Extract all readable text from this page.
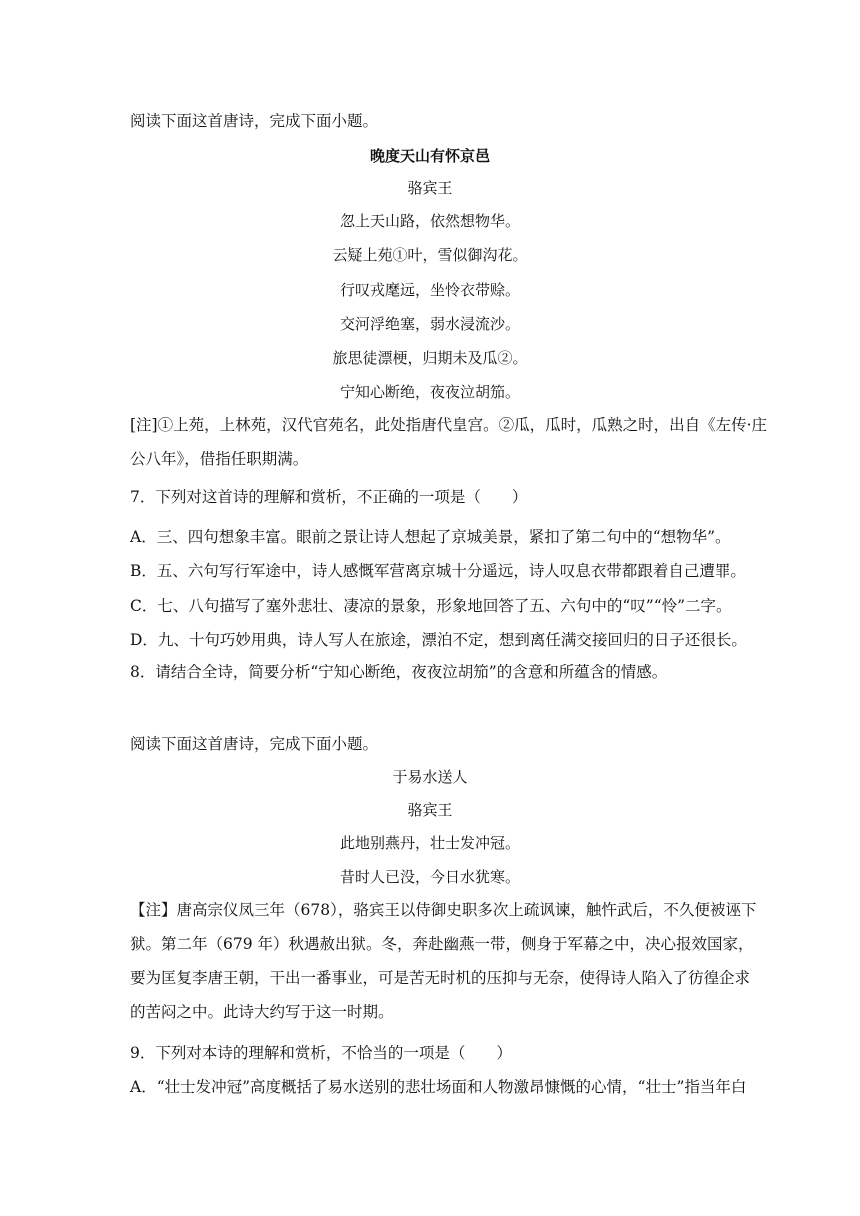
阅读下面这首唐诗，完成下面小题。
晚度天山有怀京邑
骆宾王
忽上天山路，依然想物华。
云疑上苑①叶，雪似御沟花。
行叹戎麾远，坐怜衣带赊。
交河浮绝塞，弱水浸流沙。
旅思徒漂梗，归期未及瓜②。
宁知心断绝，夜夜泣胡笳。
[注]①上苑，上林苑，汉代官苑名，此处指唐代皇宫。②瓜，瓜时，瓜熟之时，出自《左传·庄
公八年》，借指任职期满。
7．下列对这首诗的理解和赏析，不正确的一项是（　　）
A．三、四句想象丰富。眼前之景让诗人想起了京城美景，紧扣了第二句中的“想物华”。
B．五、六句写行军途中，诗人感慨军营离京城十分遥远，诗人叹息衣带都跟着自己遭罪。
C．七、八句描写了塞外悲壮、凄凉的景象，形象地回答了五、六句中的“叹”“怜”二字。
D．九、十句巧妙用典，诗人写人在旅途，漂泊不定，想到离任满交接回归的日子还很长。
8．请结合全诗，简要分析“宁知心断绝，夜夜泣胡笳”的含意和所蕴含的情感。
阅读下面这首唐诗，完成下面小题。
于易水送人
骆宾王
此地别燕丹，壮士发冲冠。
昔时人已没，今日水犹寒。
【注】唐高宗仪凤三年（678），骆宾王以侍御史职多次上疏讽谏，触忤武后，不久便被诬下
狱。第二年（679 年）秋遇赦出狱。冬，奔赴幽燕一带，侧身于军幕之中，决心报效国家，
要为匡复李唐王朝，干出一番事业，可是苦无时机的压抑与无奈，使得诗人陷入了彷徨企求
的苦闷之中。此诗大约写于这一时期。
9．下列对本诗的理解和赏析，不恰当的一项是（　　）
A．“壮士发冲冠”高度概括了易水送别的悲壮场面和人物激昂慷慨的心情，“壮士”指当年白
